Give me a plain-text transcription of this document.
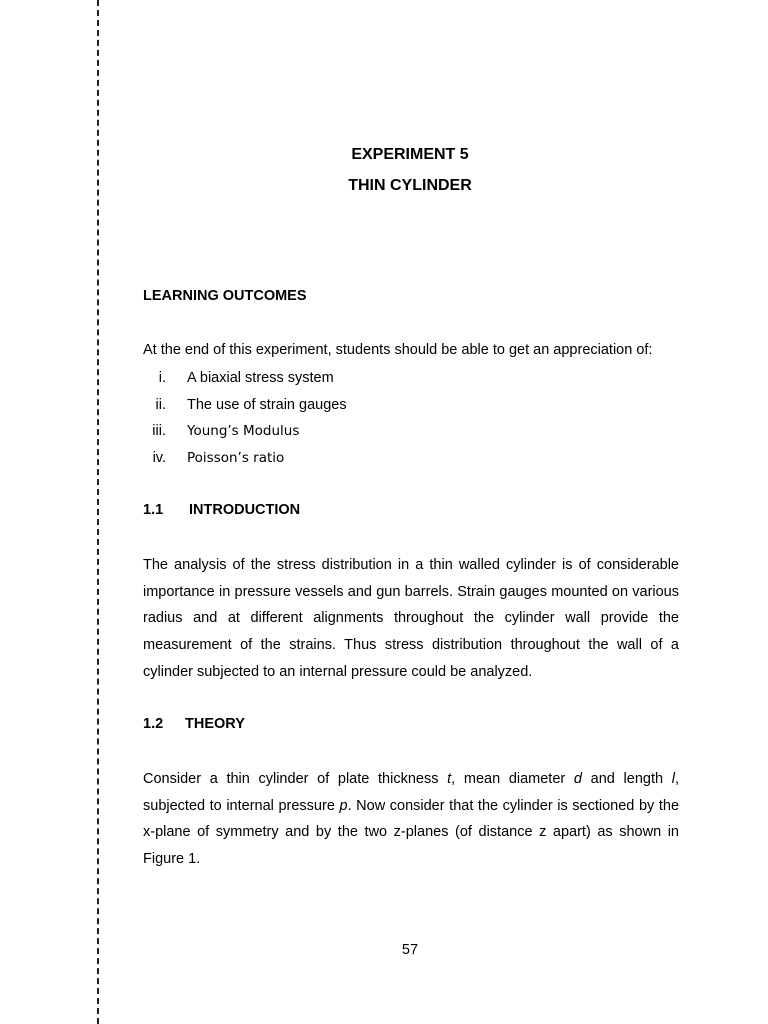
EXPERIMENT 5
THIN CYLINDER
LEARNING OUTCOMES
At the end of this experiment, students should be able to get an appreciation of:
i. A biaxial stress system
ii. The use of strain gauges
iii. Young’s Modulus
iv. Poisson’s ratio
1.1 INTRODUCTION

The analysis of the stress distribution in a thin walled cylinder is of considerable importance in pressure vessels and gun barrels. Strain gauges mounted on various radius and at different alignments throughout the cylinder wall provide the measurement of the strains. Thus stress distribution throughout the wall of a cylinder subjected to an internal pressure could be analyzed.

1.2 THEORY

Consider a thin cylinder of plate thickness t, mean diameter d and length l, subjected to internal pressure p. Now consider that the cylinder is sectioned by the x-plane of symmetry and by the two z-planes (of distance z apart) as shown in Figure 1.

57
